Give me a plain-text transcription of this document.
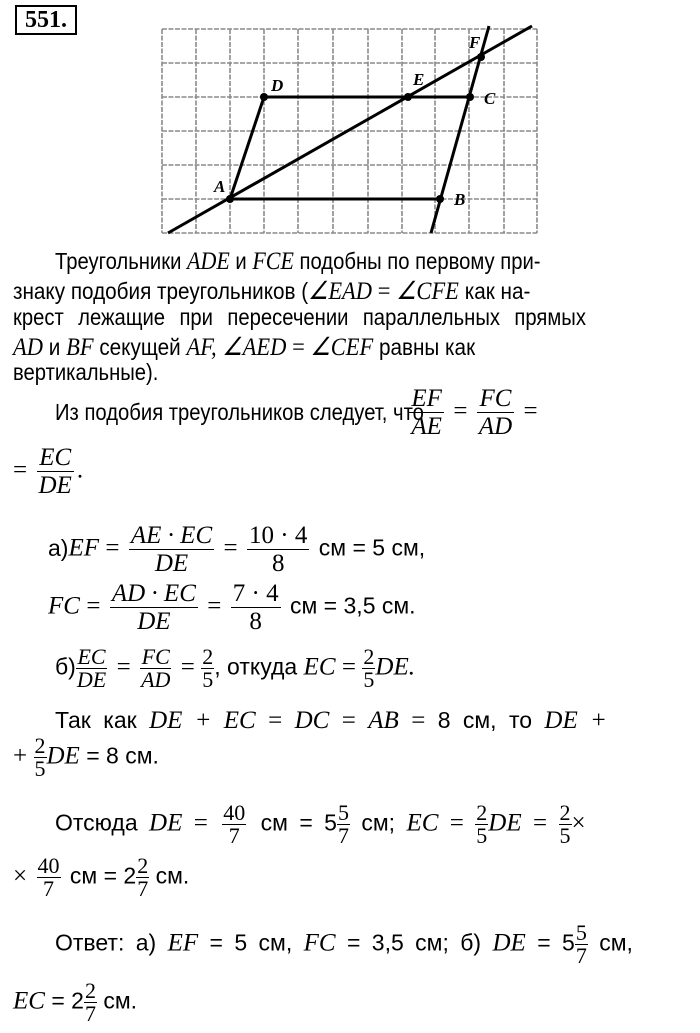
551.
A
D	E
C
B
F
Треугольники ADE и FCE подобны по первому при-
знаку подобия треугольников (∠EAD = ∠CFE как на-
крест лежащие при пересечении параллельных прямых
AD и BF секущей AF, ∠AED = ∠CEF равны как
вертикальные).
Из подобия треугольников следует, что
$\frac{EF}{AE} = \frac{FC}{AD}$ =
= $\frac{EC}{DE}$ .
$а)EF = \frac{AE \cdot EC}{DE} = \frac{10 \cdot 4}{8}$ см = 5 см,
FC = $\frac{AD \cdot EC}{DE} = \frac{7 \cdot 4}{8}$ см = 3,5 см.
$б) \frac{EC}{DE} = \frac{FC}{AD} = \frac{2}{5}$ , откуда EC = $\frac{2}{5}$ DE.
Так как DE + EC = DC = AB = 8 см, то DE +
+ $\frac{2}{5}$ DE = 8 см.
Отсюда DE = $\frac{40}{7}$ см = $5 \frac{5}{7}$ см; EC = $\frac{2}{5}$ DE = $\frac{2}{5}$ ×
× $\frac{40}{7}$ см = $2 \frac{2}{7}$ см.
Ответ: а) EF = 5 см, FC = 3,5 см; б) DE = $5 \frac{5}{7}$ см,
EC = $2 \frac{2}{7}$ см.
